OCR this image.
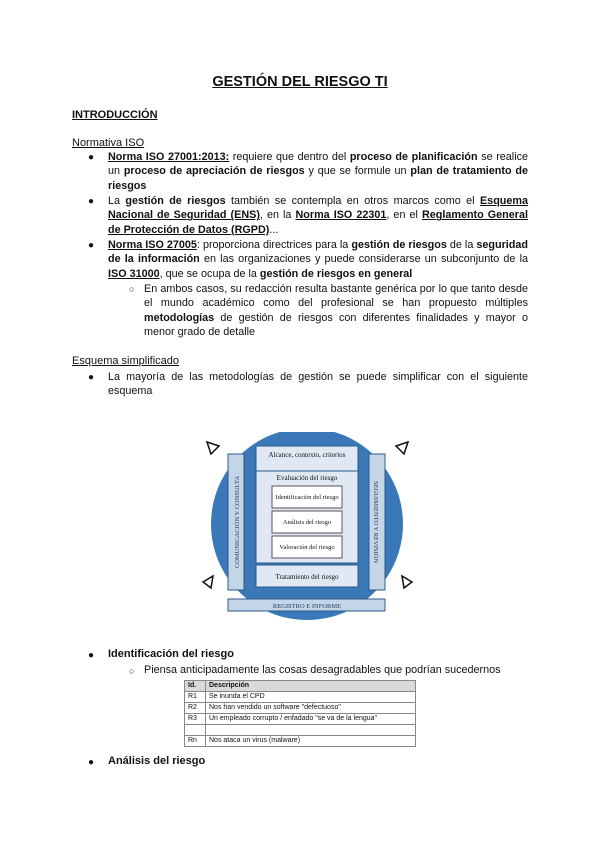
GESTIÓN DEL RIESGO TI
INTRODUCCIÓN
Normativa ISO
● Norma ISO 27001:2013: requiere que dentro del proceso de planificación se realice un proceso de apreciación de riesgos y que se formule un plan de tratamiento de riesgos
● La gestión de riesgos también se contempla en otros marcos como el Esquema Nacional de Seguridad (ENS), en la Norma ISO 22301, en el Reglamento General de Protección de Datos (RGPD)...
● Norma ISO 27005: proporciona directrices para la gestión de riesgos de la seguridad de la información en las organizaciones y puede considerarse un subconjunto de la ISO 31000, que se ocupa de la gestión de riesgos en general
○ En ambos casos, su redacción resulta bastante genérica por lo que tanto desde el mundo académico como del profesional se han propuesto múltiples metodologías de gestión de riesgos con diferentes finalidades y mayor o menor grado de detalle
Esquema simplificado
● La mayoría de las metodologías de gestión se puede simplificar con el siguiente esquema
COMUNICACIÓN Y CONSULTA	SEGUIMIENTO Y REVISIÓN
Alcance, contexto, criterios
Evaluación del riesgo
Identificación del riesgo
Análisis del riesgo
Valoración del riesgo
Tratamiento del riesgo
REGISTRO E INFORME
● Identificación del riesgo
○ Piensa anticipadamente las cosas desagradables que podrían sucedernos
Id.	Descripción
R1	Se inunda el CPD
R2	Nos han vendido un software "defectuoso"
R3	Un empleado corrupto / enfadado "se va de la lengua"

Rn	Nos ataca un virus (malware)
● Análisis del riesgo
